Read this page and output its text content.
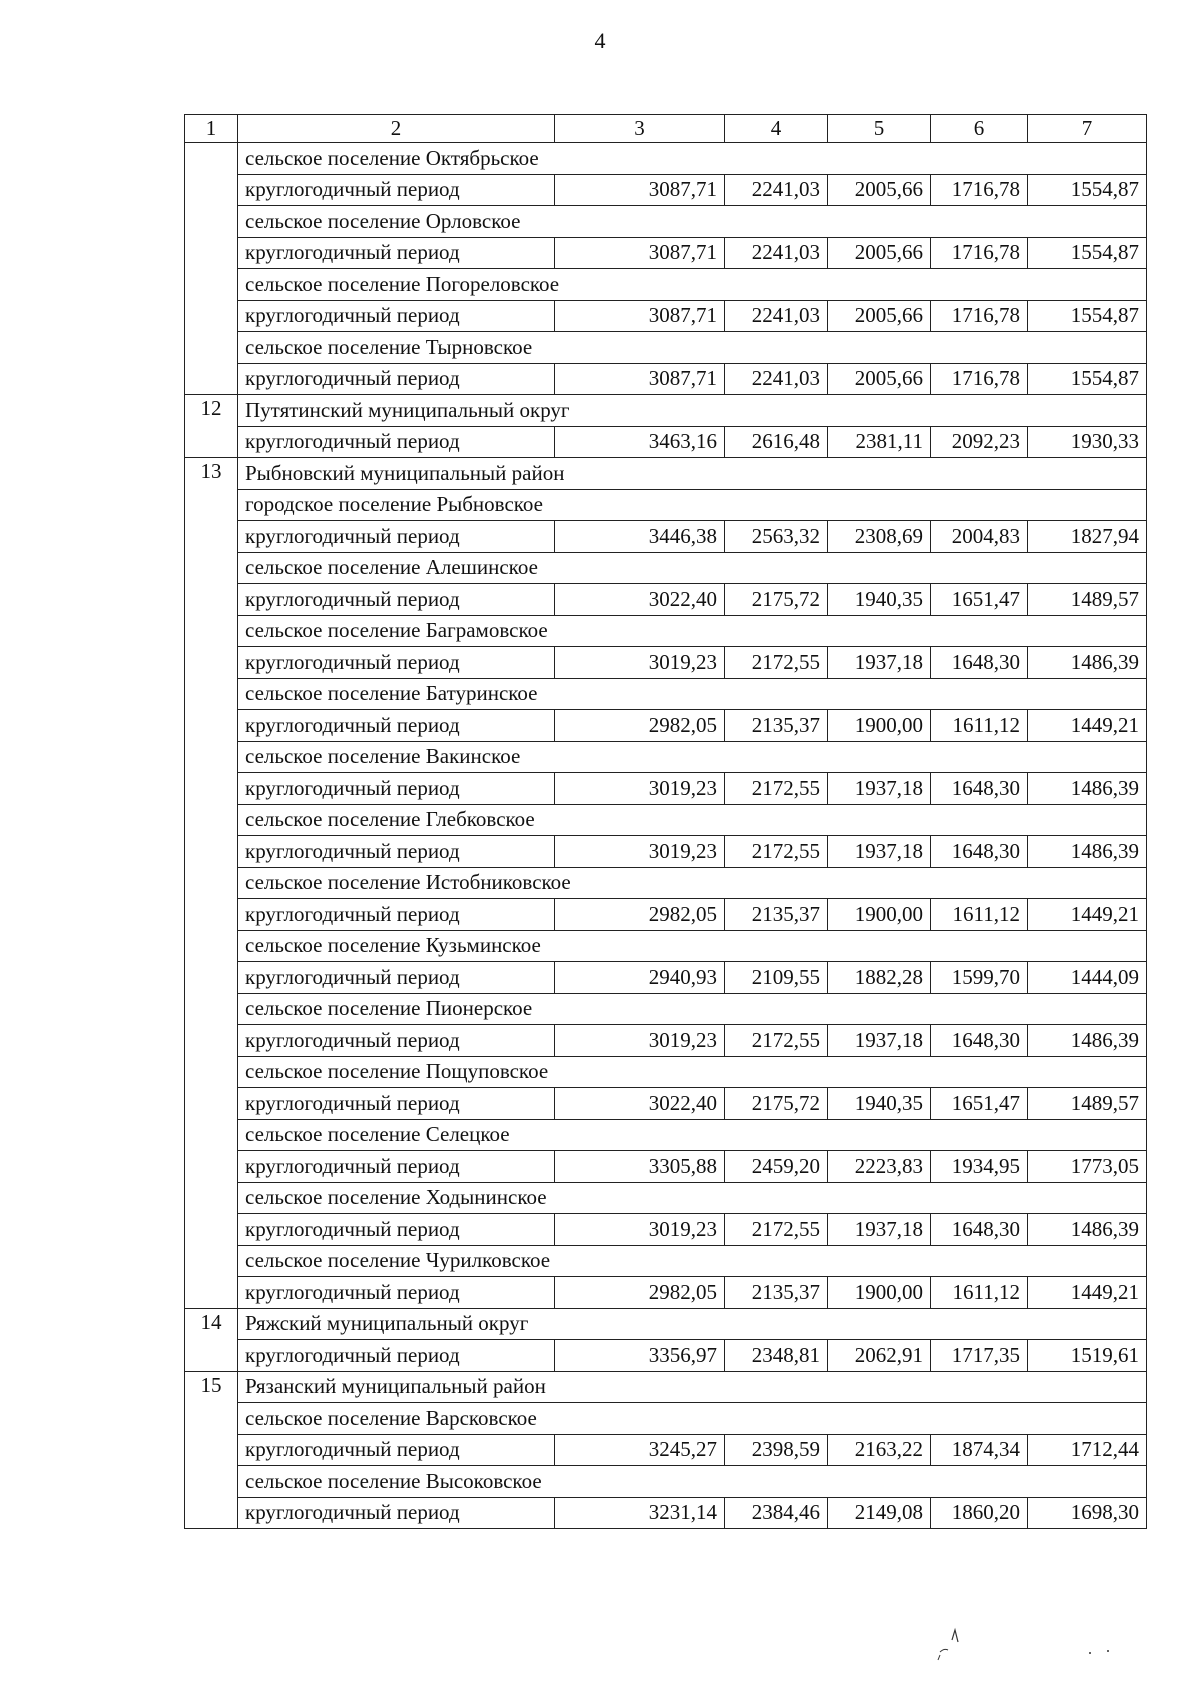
4
1	2	3	4	5	6	7
	сельское поселение Октябрьское					
	круглогодичный период	3087,71	2241,03	2005,66	1716,78	1554,87
	сельское поселение Орловское					
	круглогодичный период	3087,71	2241,03	2005,66	1716,78	1554,87
	сельское поселение Погореловское					
	круглогодичный период	3087,71	2241,03	2005,66	1716,78	1554,87
	сельское поселение Тырновское					
	круглогодичный период	3087,71	2241,03	2005,66	1716,78	1554,87
12	Путятинский муниципальный округ					
	круглогодичный период	3463,16	2616,48	2381,11	2092,23	1930,33
13	Рыбновский муниципальный район					
	городское поселение Рыбновское					
	круглогодичный период	3446,38	2563,32	2308,69	2004,83	1827,94
	сельское поселение Алешинское					
	круглогодичный период	3022,40	2175,72	1940,35	1651,47	1489,57
	сельское поселение Баграмовское					
	круглогодичный период	3019,23	2172,55	1937,18	1648,30	1486,39
	сельское поселение Батуринское					
	круглогодичный период	2982,05	2135,37	1900,00	1611,12	1449,21
	сельское поселение Вакинское					
	круглогодичный период	3019,23	2172,55	1937,18	1648,30	1486,39
	сельское поселение Глебковское					
	круглогодичный период	3019,23	2172,55	1937,18	1648,30	1486,39
	сельское поселение Истобниковское					
	круглогодичный период	2982,05	2135,37	1900,00	1611,12	1449,21
	сельское поселение Кузьминское					
	круглогодичный период	2940,93	2109,55	1882,28	1599,70	1444,09
	сельское поселение Пионерское					
	круглогодичный период	3019,23	2172,55	1937,18	1648,30	1486,39
	сельское поселение Пощуповское					
	круглогодичный период	3022,40	2175,72	1940,35	1651,47	1489,57
	сельское поселение Селецкое					
	круглогодичный период	3305,88	2459,20	2223,83	1934,95	1773,05
	сельское поселение Ходынинское					
	круглогодичный период	3019,23	2172,55	1937,18	1648,30	1486,39
	сельское поселение Чурилковское					
	круглогодичный период	2982,05	2135,37	1900,00	1611,12	1449,21
14	Ряжский муниципальный округ					
	круглогодичный период	3356,97	2348,81	2062,91	1717,35	1519,61
15	Рязанский муниципальный район					
	сельское поселение Варсковское					
	круглогодичный период	3245,27	2398,59	2163,22	1874,34	1712,44
	сельское поселение Высоковское					
	круглогодичный период	3231,14	2384,46	2149,08	1860,20	1698,30
